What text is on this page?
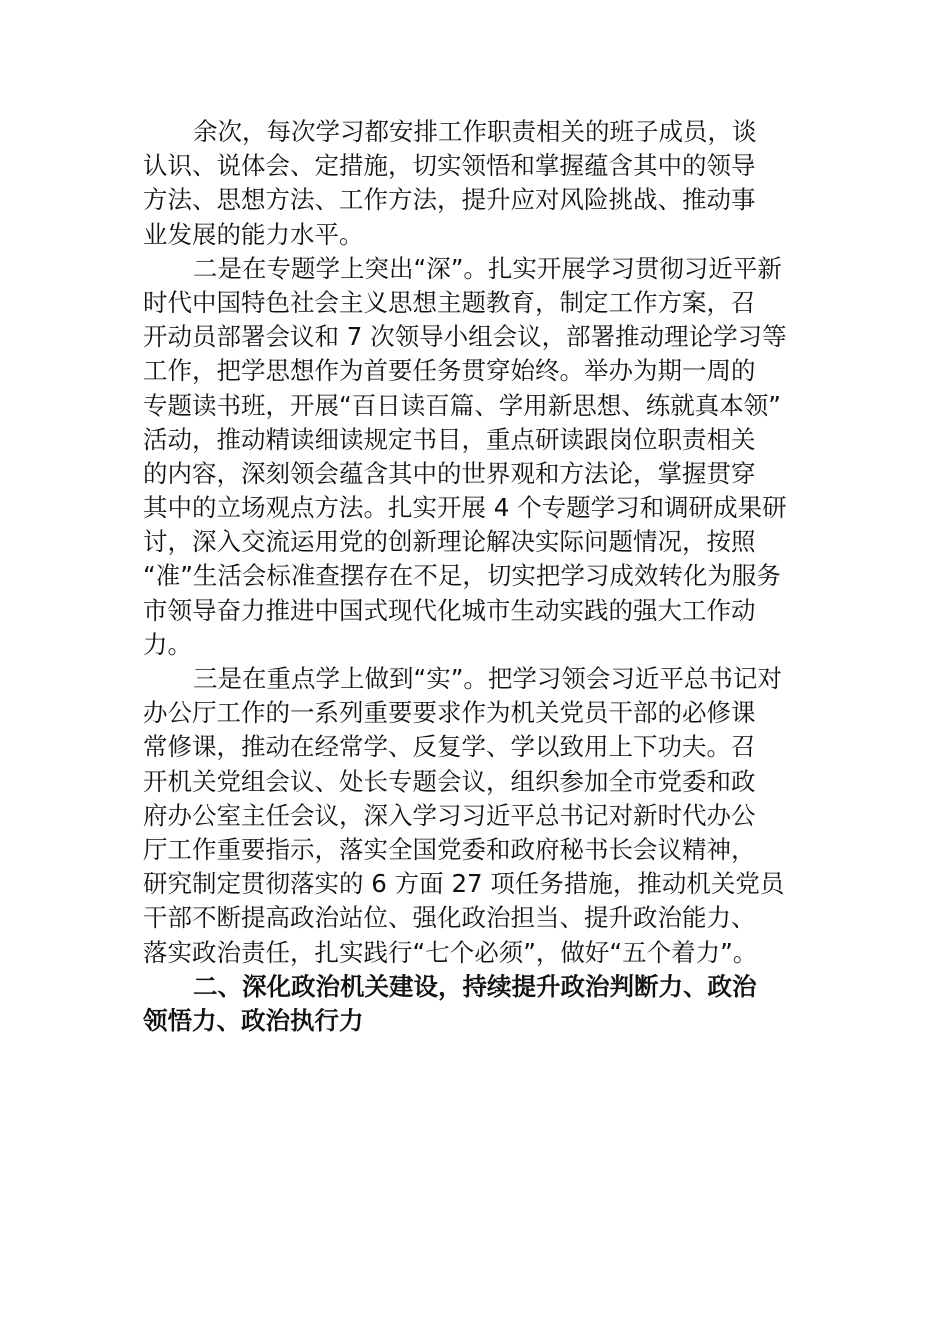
余次，每次学习都安排工作职责相关的班子成员，谈
认识、说体会、定措施，切实领悟和掌握蕴含其中的领导
方法、思想方法、工作方法，提升应对风险挑战、推动事
业发展的能力水平。
二是在专题学上突出“深”。扎实开展学习贯彻习近平新
时代中国特色社会主义思想主题教育，制定工作方案，召
开动员部署会议和 7 次领导小组会议，部署推动理论学习等
工作，把学思想作为首要任务贯穿始终。举办为期一周的
专题读书班，开展“百日读百篇、学用新思想、练就真本领”
活动，推动精读细读规定书目，重点研读跟岗位职责相关
的内容，深刻领会蕴含其中的世界观和方法论，掌握贯穿
其中的立场观点方法。扎实开展 4 个专题学习和调研成果研
讨，深入交流运用党的创新理论解决实际问题情况，按照
“准”生活会标准查摆存在不足，切实把学习成效转化为服务
市领导奋力推进中国式现代化城市生动实践的强大工作动
力。
三是在重点学上做到“实”。把学习领会习近平总书记对
办公厅工作的一系列重要要求作为机关党员干部的必修课
常修课，推动在经常学、反复学、学以致用上下功夫。召
开机关党组会议、处长专题会议，组织参加全市党委和政
府办公室主任会议，深入学习习近平总书记对新时代办公
厅工作重要指示，落实全国党委和政府秘书长会议精神，
研究制定贯彻落实的 6 方面 27 项任务措施，推动机关党员
干部不断提高政治站位、强化政治担当、提升政治能力、
落实政治责任，扎实践行“七个必须”，做好“五个着力”。
二、深化政治机关建设，持续提升政治判断力、政治
领悟力、政治执行力
